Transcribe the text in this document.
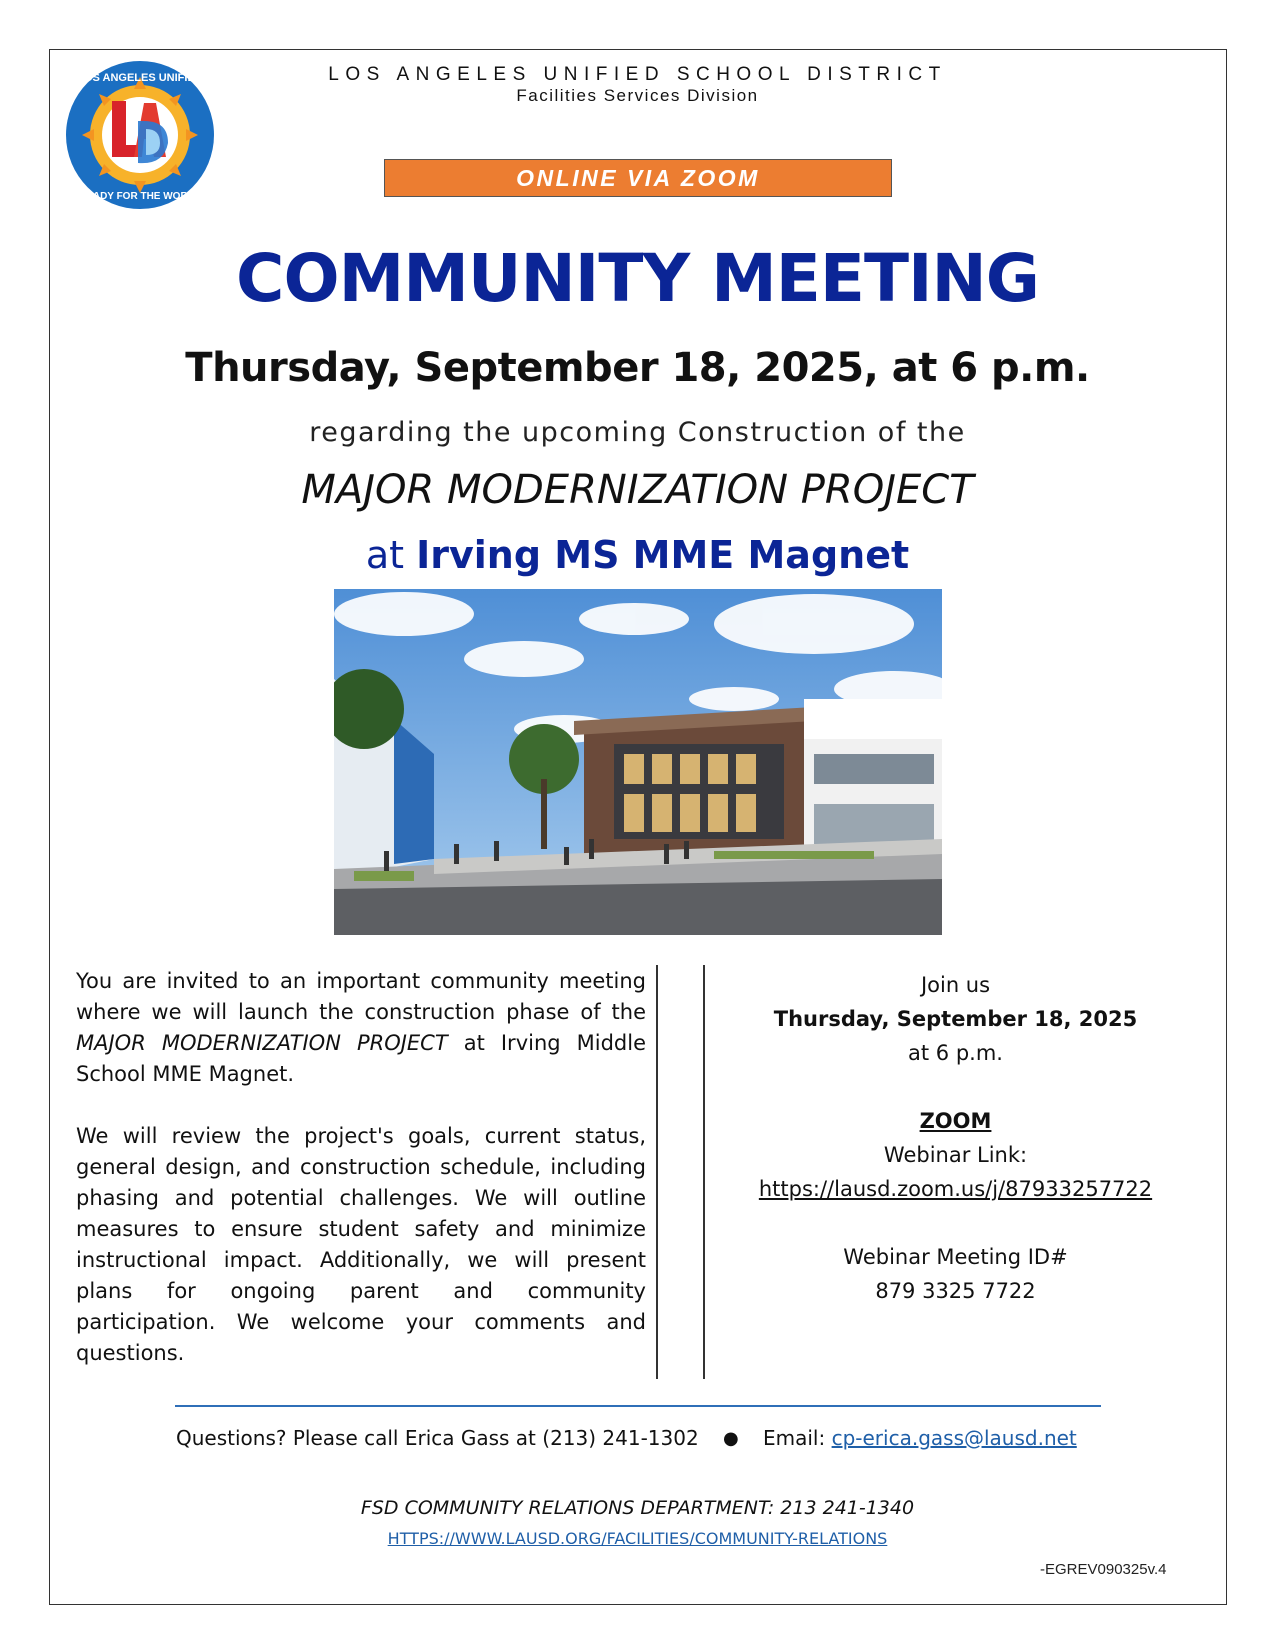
LOS ANGELES UNIFIED
READY FOR THE WORLD
LOS ANGELES UNIFIED SCHOOL DISTRICT
Facilities Services Division
ONLINE VIA ZOOM
COMMUNITY MEETING
Thursday, September 18, 2025, at 6 p.m.
regarding the upcoming Construction of the
MAJOR MODERNIZATION PROJECT
at Irving MS MME Magnet

You are invited to an important community meeting where we will launch the construction phase of the MAJOR MODERNIZATION PROJECT at Irving Middle School MME Magnet.

We will review the project's goals, current status, general design, and construction schedule, including phasing and potential challenges. We will outline measures to ensure student safety and minimize instructional impact. Additionally, we will present plans for ongoing parent and community participation. We welcome your comments and questions.

Join us
Thursday, September 18, 2025
at 6 p.m.
ZOOM
Webinar Link:
https://lausd.zoom.us/j/87933257722
Webinar Meeting ID#
879 3325 7722
Questions? Please call Erica Gass at (213) 241-1302 ● Email: cp-erica.gass@lausd.net
FSD COMMUNITY RELATIONS DEPARTMENT: 213 241-1340
HTTPS://WWW.LAUSD.ORG/FACILITIES/COMMUNITY-RELATIONS
-EGREV090325v.4
